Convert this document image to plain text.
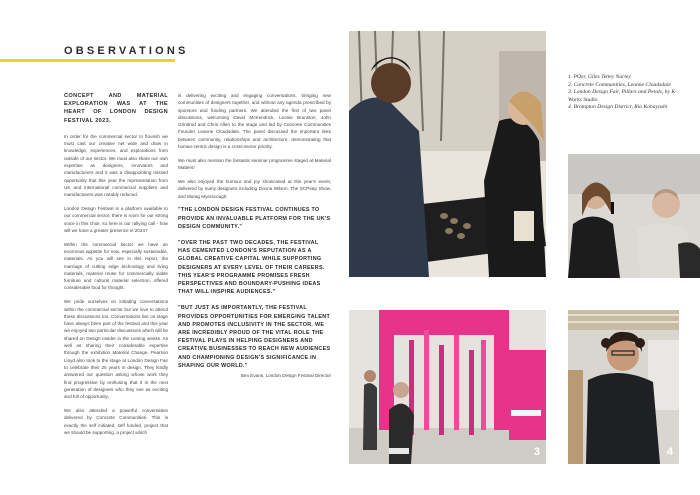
OBSERVATIONS

CONCEPT AND MATERIAL EXPLORATION WAS AT THE HEART OF LONDON DESIGN FESTIVAL 2023.

In order for the commercial sector to flourish we must cast our creative net wide and draw in knowledge, experiences, and explorations from outside of our sector. We must also share our own expertise as designers, innovators and manufacturers and it was a disappointing missed opportunity that this year the representation from UK and international commercial suppliers and manufacturers was notably reduced.

London Design Festival is a platform available to our commercial sector, there is room for our strong voice in this choir, so here is our rallying call - how will we have a greater presence in 2024?

Within the commercial sector we have an enormous appetite for new, especially sustainable, materials. As you will see in this report, the marriage of cutting edge technology and living materials, material reuse for commercially viable furniture and cultural material selection, offered considerable food for thought.

We pride ourselves on initiating conversations within the commercial sector but we love to attend these discussions too. Conversations live on stage have always been part of the festival and this year we enjoyed two particular discussions which will be shared on Design Insider in the coming weeks. As well as sharing their considerable expertise through the exhibition Material Change, Pearson Lloyd also took to the stage at London Design Fair to celebrate their 25 years in design. They kindly answered our question asking whose work they find progressive by enthusing that it is the next generation of designers who they see as exciting and full of opportunity.

We also attended a powerful conversation delivered by Concrete Communities. This is exactly the self initiated, self funded, project that we should be supporting, a project which

is delivering exciting and engaging conversations, bringing new communities of designers together, and without any agenda prescribed by sponsors and funding partners. We attended the first of two panel discussions, welcoming David McKendrick, Leonie Branston, John Grindrod and Chris Allen to the stage and led by Concrete Communities Founder Leanne Cloudsdale. The panel discussed the important links between community, relationships and architecture, demonstrating that human-centric design is a cross-sector priority.

We must also mention the fantastic seminar programme staged at Material Matters!

We also enjoyed the humour and joy showcased at this year's event, delivered by many designers including Donna Wilson, The SCPeep Show, and Morag Myerscough.

"THE LONDON DESIGN FESTIVAL CONTINUES TO PROVIDE AN INVALUABLE PLATFORM FOR THE UK'S DESIGN COMMUNITY."

"OVER THE PAST TWO DECADES, THE FESTIVAL HAS CEMENTED LONDON'S REPUTATION AS A GLOBAL CREATIVE CAPITAL WHILE SUPPORTING DESIGNERS AT EVERY LEVEL OF THEIR CAREERS. THIS YEAR'S PROGRAMME PROMISES FRESH PERSPECTIVES AND BOUNDARY-PUSHING IDEAS THAT WILL INSPIRE AUDIENCES."

"BUT JUST AS IMPORTANTLY, THE FESTIVAL PROVIDES OPPORTUNITIES FOR EMERGING TALENT AND PROMOTES INCLUSIVITY IN THE SECTOR. WE ARE INCREDIBLY PROUD OF THE VITAL ROLE THE FESTIVAL PLAYS IN HELPING DESIGNERS AND CREATIVE BUSINESSES TO REACH NEW AUDIENCES AND CHAMPIONING DESIGN'S SIGNIFICANCE IN SHAPING OUR WORLD."

Ben Evans, London Design Festival Director

3	4
1. POer, Giles Tettey Nartey
2. Concrete Communities, Leanne Cloudsdale
3. London Design Fair, Pillars and Petals, by K-Works Studio
4. Brompton Design District, Rio Kobayashi
